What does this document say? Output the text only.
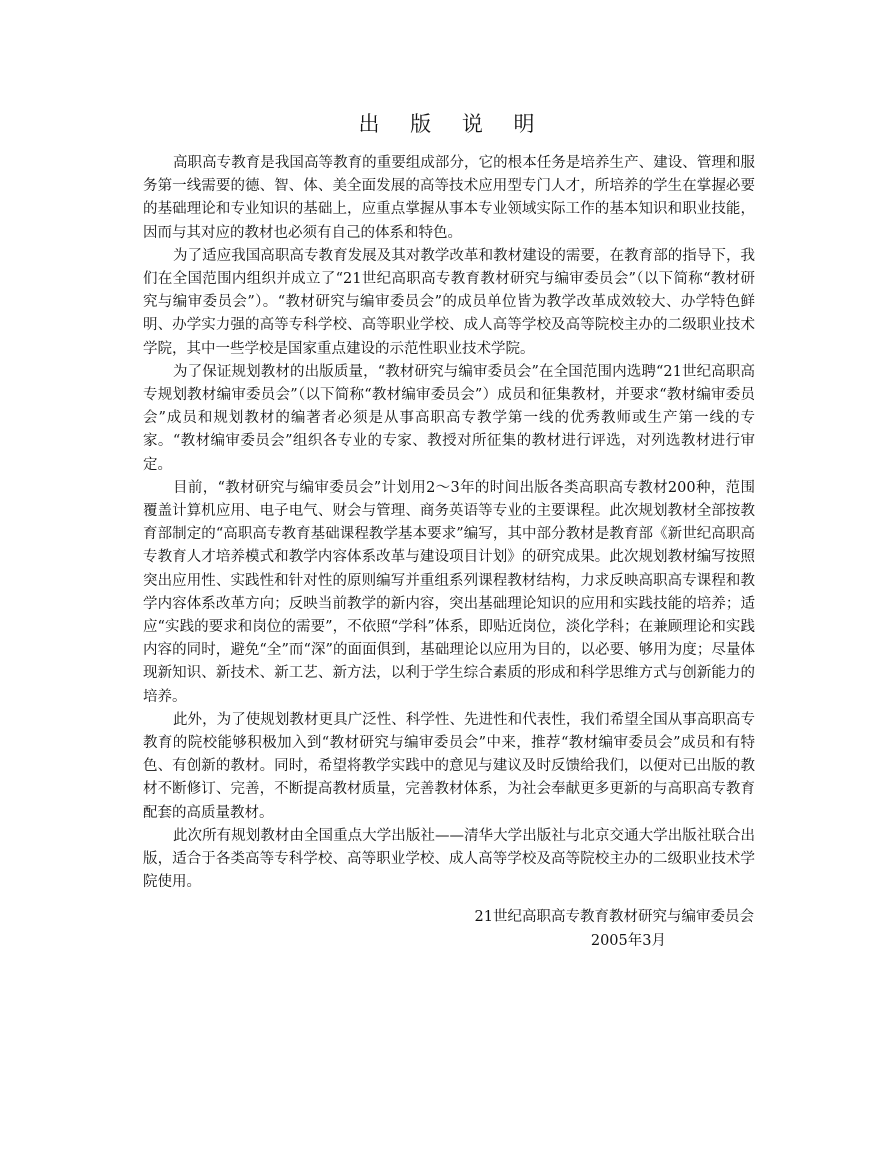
出 版 说 明

高职高专教育是我国高等教育的重要组成部分，它的根本任务是培养生产、建设、管理和服务第一线需要的德、智、体、美全面发展的高等技术应用型专门人才，所培养的学生在掌握必要的基础理论和专业知识的基础上，应重点掌握从事本专业领域实际工作的基本知识和职业技能，因而与其对应的教材也必须有自己的体系和特色。

为了适应我国高职高专教育发展及其对教学改革和教材建设的需要，在教育部的指导下，我们在全国范围内组织并成立了“21世纪高职高专教育教材研究与编审委员会”（以下简称“教材研究与编审委员会”）。“教材研究与编审委员会”的成员单位皆为教学改革成效较大、办学特色鲜明、办学实力强的高等专科学校、高等职业学校、成人高等学校及高等院校主办的二级职业技术学院，其中一些学校是国家重点建设的示范性职业技术学院。

为了保证规划教材的出版质量，“教材研究与编审委员会”在全国范围内选聘“21世纪高职高专规划教材编审委员会”（以下简称“教材编审委员会”）成员和征集教材，并要求“教材编审委员会”成员和规划教材的编著者必须是从事高职高专教学第一线的优秀教师或生产第一线的专家。“教材编审委员会”组织各专业的专家、教授对所征集的教材进行评选，对列选教材进行审定。

目前，“教材研究与编审委员会”计划用2～3年的时间出版各类高职高专教材200种，范围覆盖计算机应用、电子电气、财会与管理、商务英语等专业的主要课程。此次规划教材全部按教育部制定的“高职高专教育基础课程教学基本要求”编写，其中部分教材是教育部《新世纪高职高专教育人才培养模式和教学内容体系改革与建设项目计划》的研究成果。此次规划教材编写按照突出应用性、实践性和针对性的原则编写并重组系列课程教材结构，力求反映高职高专课程和教学内容体系改革方向；反映当前教学的新内容，突出基础理论知识的应用和实践技能的培养；适应“实践的要求和岗位的需要”，不依照“学科”体系，即贴近岗位，淡化学科；在兼顾理论和实践内容的同时，避免“全”而“深”的面面俱到，基础理论以应用为目的，以必要、够用为度；尽量体现新知识、新技术、新工艺、新方法，以利于学生综合素质的形成和科学思维方式与创新能力的培养。

此外，为了使规划教材更具广泛性、科学性、先进性和代表性，我们希望全国从事高职高专教育的院校能够积极加入到“教材研究与编审委员会”中来，推荐“教材编审委员会”成员和有特色、有创新的教材。同时，希望将教学实践中的意见与建议及时反馈给我们，以便对已出版的教材不断修订、完善，不断提高教材质量，完善教材体系，为社会奉献更多更新的与高职高专教育配套的高质量教材。

此次所有规划教材由全国重点大学出版社——清华大学出版社与北京交通大学出版社联合出版，适合于各类高等专科学校、高等职业学校、成人高等学校及高等院校主办的二级职业技术学院使用。

21世纪高职高专教育教材研究与编审委员会
2005年3月
